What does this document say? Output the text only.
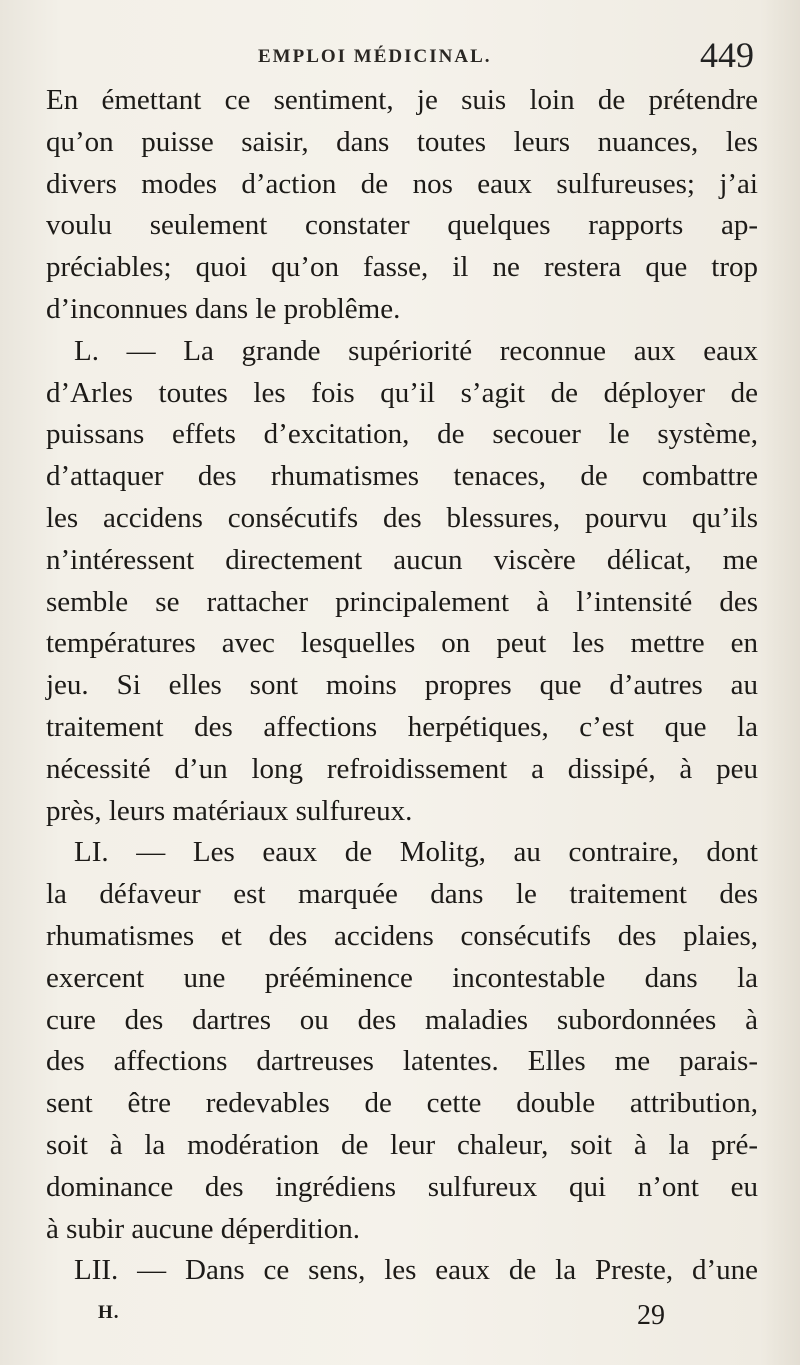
EMPLOI MÉDICINAL.	449
En émettant ce sentiment, je suis loin de prétendre
qu’on puisse saisir, dans toutes leurs nuances, les
divers modes d’action de nos eaux sulfureuses; j’ai
voulu seulement constater quelques rapports ap-
préciables; quoi qu’on fasse, il ne restera que trop
d’inconnues dans le problême.
L. — La grande supériorité reconnue aux eaux
d’Arles toutes les fois qu’il s’agit de déployer de
puissans effets d’excitation, de secouer le système,
d’attaquer des rhumatismes tenaces, de combattre
les accidens consécutifs des blessures, pourvu qu’ils
n’intéressent directement aucun viscère délicat, me
semble se rattacher principalement à l’intensité des
températures avec lesquelles on peut les mettre en
jeu. Si elles sont moins propres que d’autres au
traitement des affections herpétiques, c’est que la
nécessité d’un long refroidissement a dissipé, à peu
près, leurs matériaux sulfureux.
LI. — Les eaux de Molitg, au contraire, dont
la défaveur est marquée dans le traitement des
rhumatismes et des accidens consécutifs des plaies,
exercent une prééminence incontestable dans la
cure des dartres ou des maladies subordonnées à
des affections dartreuses latentes. Elles me parais-
sent être redevables de cette double attribution,
soit à la modération de leur chaleur, soit à la pré-
dominance des ingrédiens sulfureux qui n’ont eu
à subir aucune déperdition.
LII. — Dans ce sens, les eaux de la Preste, d’une
H.	29
